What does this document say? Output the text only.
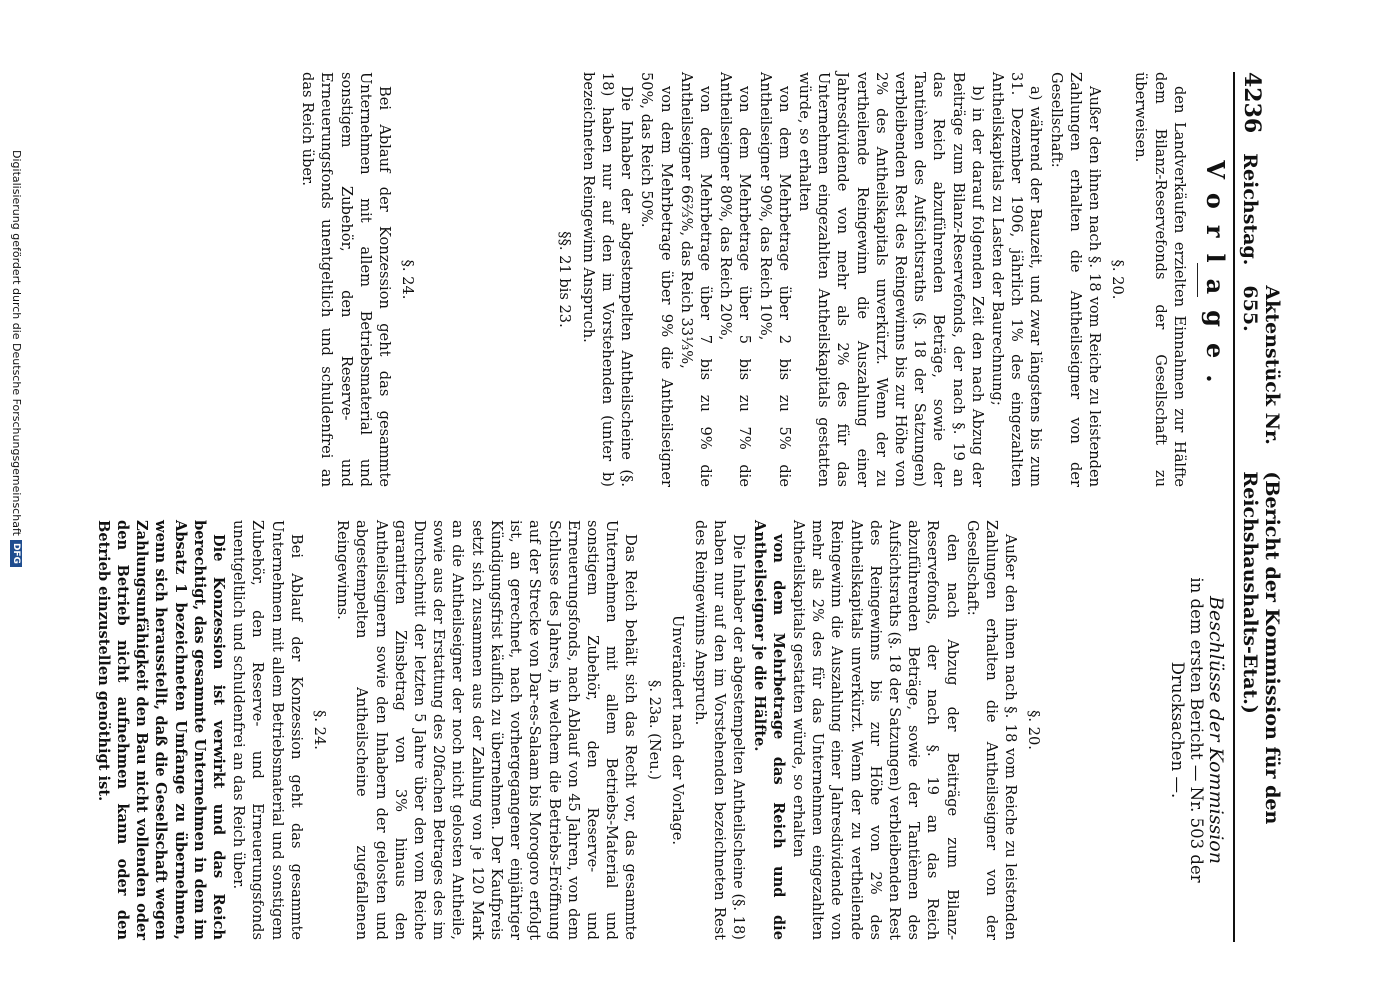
4236
Reichstag.
Aktenstück Nr. 655.
(Bericht der Kommission für den Reichshaushalts-Etat.)
Vorlage.

den Landverkäufen erzielten Einnahmen zur Hälfte dem Bilanz-Reservefonds der Gesellschaft zu überweisen.

§. 20.

Außer den ihnen nach §. 18 vom Reiche zu leistenden Zahlungen erhalten die Antheilseigner von der Gesellschaft:

a) während der Bauzeit, und zwar längstens bis zum 31. Dezember 1906, jährlich 1% des eingezahlten Antheilskapitals zu Lasten der Baurechnung;

b) in der darauf folgenden Zeit den nach Abzug der Beiträge zum Bilanz-Reservefonds, der nach §. 19 an das Reich abzuführenden Beträge, sowie der Tantièmen des Aufsichtsraths (§. 18 der Satzungen) verbleibenden Rest des Reingewinns bis zur Höhe von 2% des Antheilskapitals unverkürzt. Wenn der zu vertheilende Reingewinn die Auszahlung einer Jahresdividende von mehr als 2% des für das Unternehmen eingezahlten Antheilskapitals gestatten würde, so erhalten

von dem Mehrbetrage über 2 bis zu 5% die Antheilseigner 90%, das Reich 10%,

von dem Mehrbetrage über 5 bis zu 7% die Antheilseigner 80%, das Reich 20%,

von dem Mehrbetrage über 7 bis zu 9% die Antheilseigner 66⅔%, das Reich 33⅓%,

von dem Mehrbetrage über 9% die Antheilseigner 50%, das Reich 50%.

Die Inhaber der abgestempelten Antheilscheine (§. 18) haben nur auf den im Vorstehenden (unter b) bezeichneten Reingewinn Anspruch.

§§. 21 bis 23.

§. 24.

Bei Ablauf der Konzession geht das gesammte Unternehmen mit allem Betriebsmaterial und sonstigem Zubehör, den Reserve- und Erneuerungsfonds unentgeltlich und schuldenfrei an das Reich über.

Beschlüsse der Kommission
in dem ersten Bericht — Nr. 503 der Drucksachen —.

§. 20.

Außer den ihnen nach §. 18 vom Reiche zu leistenden Zahlungen erhalten die Antheilseigner von der Gesellschaft:

den nach Abzug der Beiträge zum Bilanz-Reservefonds, der nach §. 19 an das Reich abzuführenden Beträge, sowie der Tantièmen des Aufsichtsraths (§. 18 der Satzungen) verbleibenden Rest des Reingewinns bis zur Höhe von 2% des Antheilskapitals unverkürzt. Wenn der zu vertheilende Reingewinn die Auszahlung einer Jahresdividende von mehr als 2% des für das Unternehmen eingezahlten Antheilskapitals gestatten würde, so erhalten

von dem Mehrbetrage das Reich und die Antheilseigner je die Hälfte.

Die Inhaber der abgestempelten Antheilscheine (§. 18) haben nur auf den im Vorstehenden bezeichneten Rest des Reingewinns Anspruch.

Unverändert nach der Vorlage.

§. 23a. (Neu.)

Das Reich behält sich das Recht vor, das gesammte Unternehmen mit allem Betriebs-Material und sonstigem Zubehör, den Reserve- und Erneuerungsfonds, nach Ablauf von 45 Jahren, von dem Schlusse des Jahres, in welchem die Betriebs-Eröffnung auf der Strecke von Dar-es-Salaam bis Morogoro erfolgt ist, an gerechnet, nach vorhergegangener einjähriger Kündigungsfrist käuflich zu übernehmen. Der Kaufpreis setzt sich zusammen aus der Zahlung von je 120 Mark an die Antheilseigner der noch nicht gelosten Antheile, sowie aus der Erstattung des 20fachen Betrages des im Durchschnitt der letzten 5 Jahre über den vom Reiche garantirten Zinsbetrag von 3% hinaus den Antheilseignern sowie den Inhabern der gelosten und abgestempelten Antheilscheine zugefallenen Reingewinns.

§. 24.

Bei Ablauf der Konzession geht das gesammte Unternehmen mit allem Betriebsmaterial und sonstigem Zubehör, den Reserve- und Erneuerungsfonds unentgeltlich und schuldenfrei an das Reich über.

Die Konzession ist verwirkt und das Reich berechtigt, das gesammte Unternehmen in dem im Absatz 1 bezeichneten Umfange zu übernehmen, wenn sich herausstellt, daß die Gesellschaft wegen Zahlungsunfähigkeit den Bau nicht vollenden oder den Betrieb nicht aufnehmen kann oder den Betrieb einzustellen genöthigt ist.

Digitalisierung gefördert durch die Deutsche Forschungsgemeinschaft
DFG
